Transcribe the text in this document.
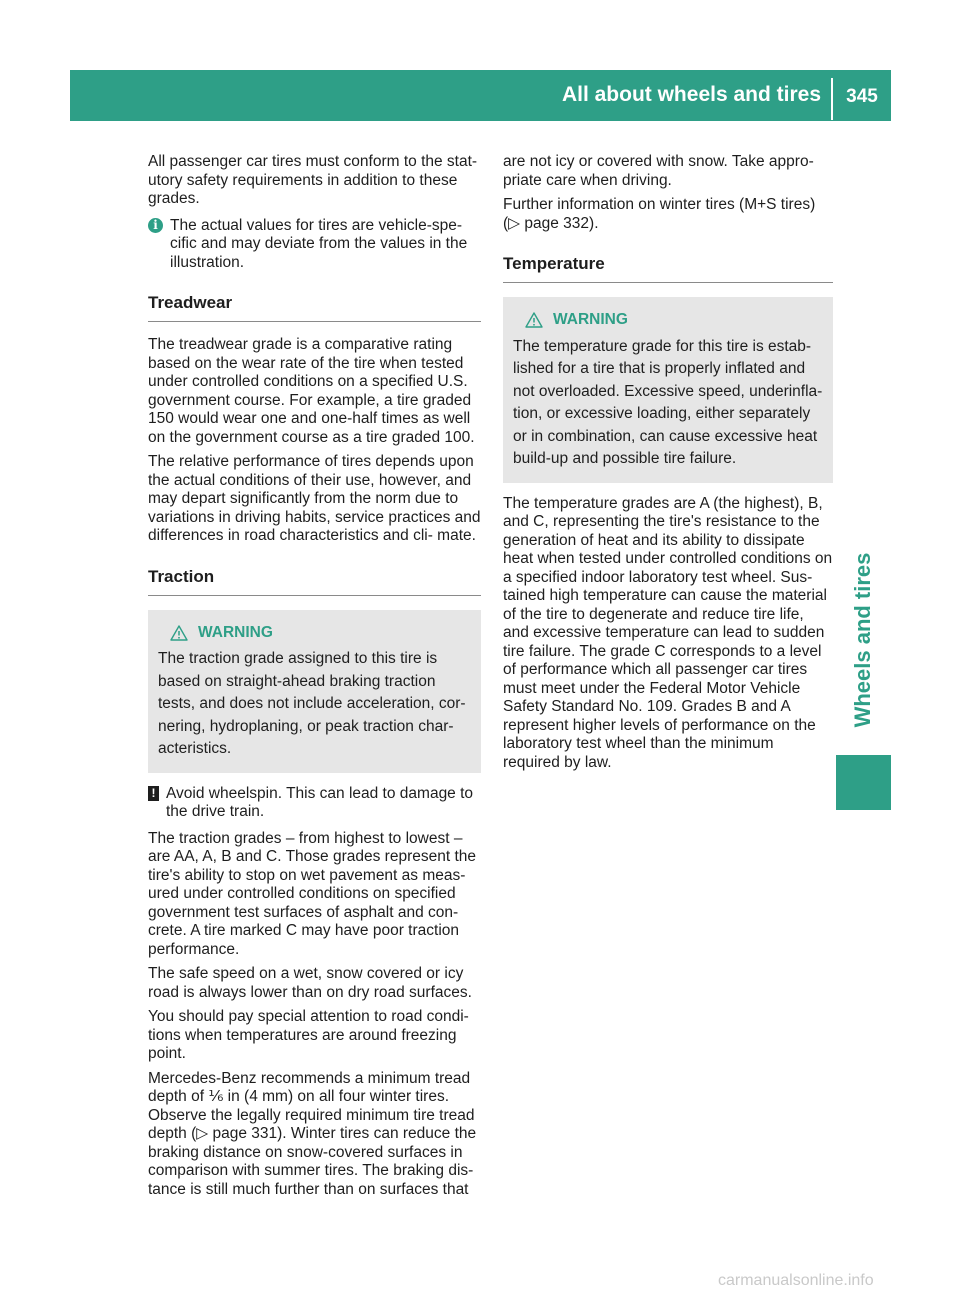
All about wheels and tires	345
Wheels and tires

All passenger car tires must conform to the stat- utory safety requirements in addition to these grades.

i The actual values for tires are vehicle-spe- cific and may deviate from the values in the illustration.
Treadwear

The treadwear grade is a comparative rating based on the wear rate of the tire when tested under controlled conditions on a specified U.S. government course. For example, a tire graded 150 would wear one and one-half times as well on the government course as a tire graded 100.

The relative performance of tires depends upon the actual conditions of their use, however, and may depart significantly from the norm due to variations in driving habits, service practices and differences in road characteristics and cli- mate.

Traction
WARNING
The traction grade assigned to this tire is based on straight-ahead braking traction tests, and does not include acceleration, cor- nering, hydroplaning, or peak traction char- acteristics.
! Avoid wheelspin. This can lead to damage to the drive train.

The traction grades – from highest to lowest – are AA, A, B and C. Those grades represent the tire's ability to stop on wet pavement as meas- ured under controlled conditions on specified government test surfaces of asphalt and con- crete. A tire marked C may have poor traction performance.

The safe speed on a wet, snow covered or icy road is always lower than on dry road surfaces.

You should pay special attention to road condi- tions when temperatures are around freezing point.

Mercedes-Benz recommends a minimum tread depth of ⅙ in (4 mm) on all four winter tires. Observe the legally required minimum tire tread depth (▷ page 331). Winter tires can reduce the braking distance on snow-covered surfaces in comparison with summer tires. The braking dis- tance is still much further than on surfaces that

are not icy or covered with snow. Take appro- priate care when driving.

Further information on winter tires (M+S tires) (▷ page 332).

Temperature
WARNING
The temperature grade for this tire is estab- lished for a tire that is properly inflated and not overloaded. Excessive speed, underinfla- tion, or excessive loading, either separately or in combination, can cause excessive heat build-up and possible tire failure.

The temperature grades are A (the highest), B, and C, representing the tire's resistance to the generation of heat and its ability to dissipate heat when tested under controlled conditions on a specified indoor laboratory test wheel. Sus- tained high temperature can cause the material of the tire to degenerate and reduce tire life, and excessive temperature can lead to sudden tire failure. The grade C corresponds to a level of performance which all passenger car tires must meet under the Federal Motor Vehicle Safety Standard No. 109. Grades B and A represent higher levels of performance on the laboratory test wheel than the minimum required by law.

carmanualsonline.info
